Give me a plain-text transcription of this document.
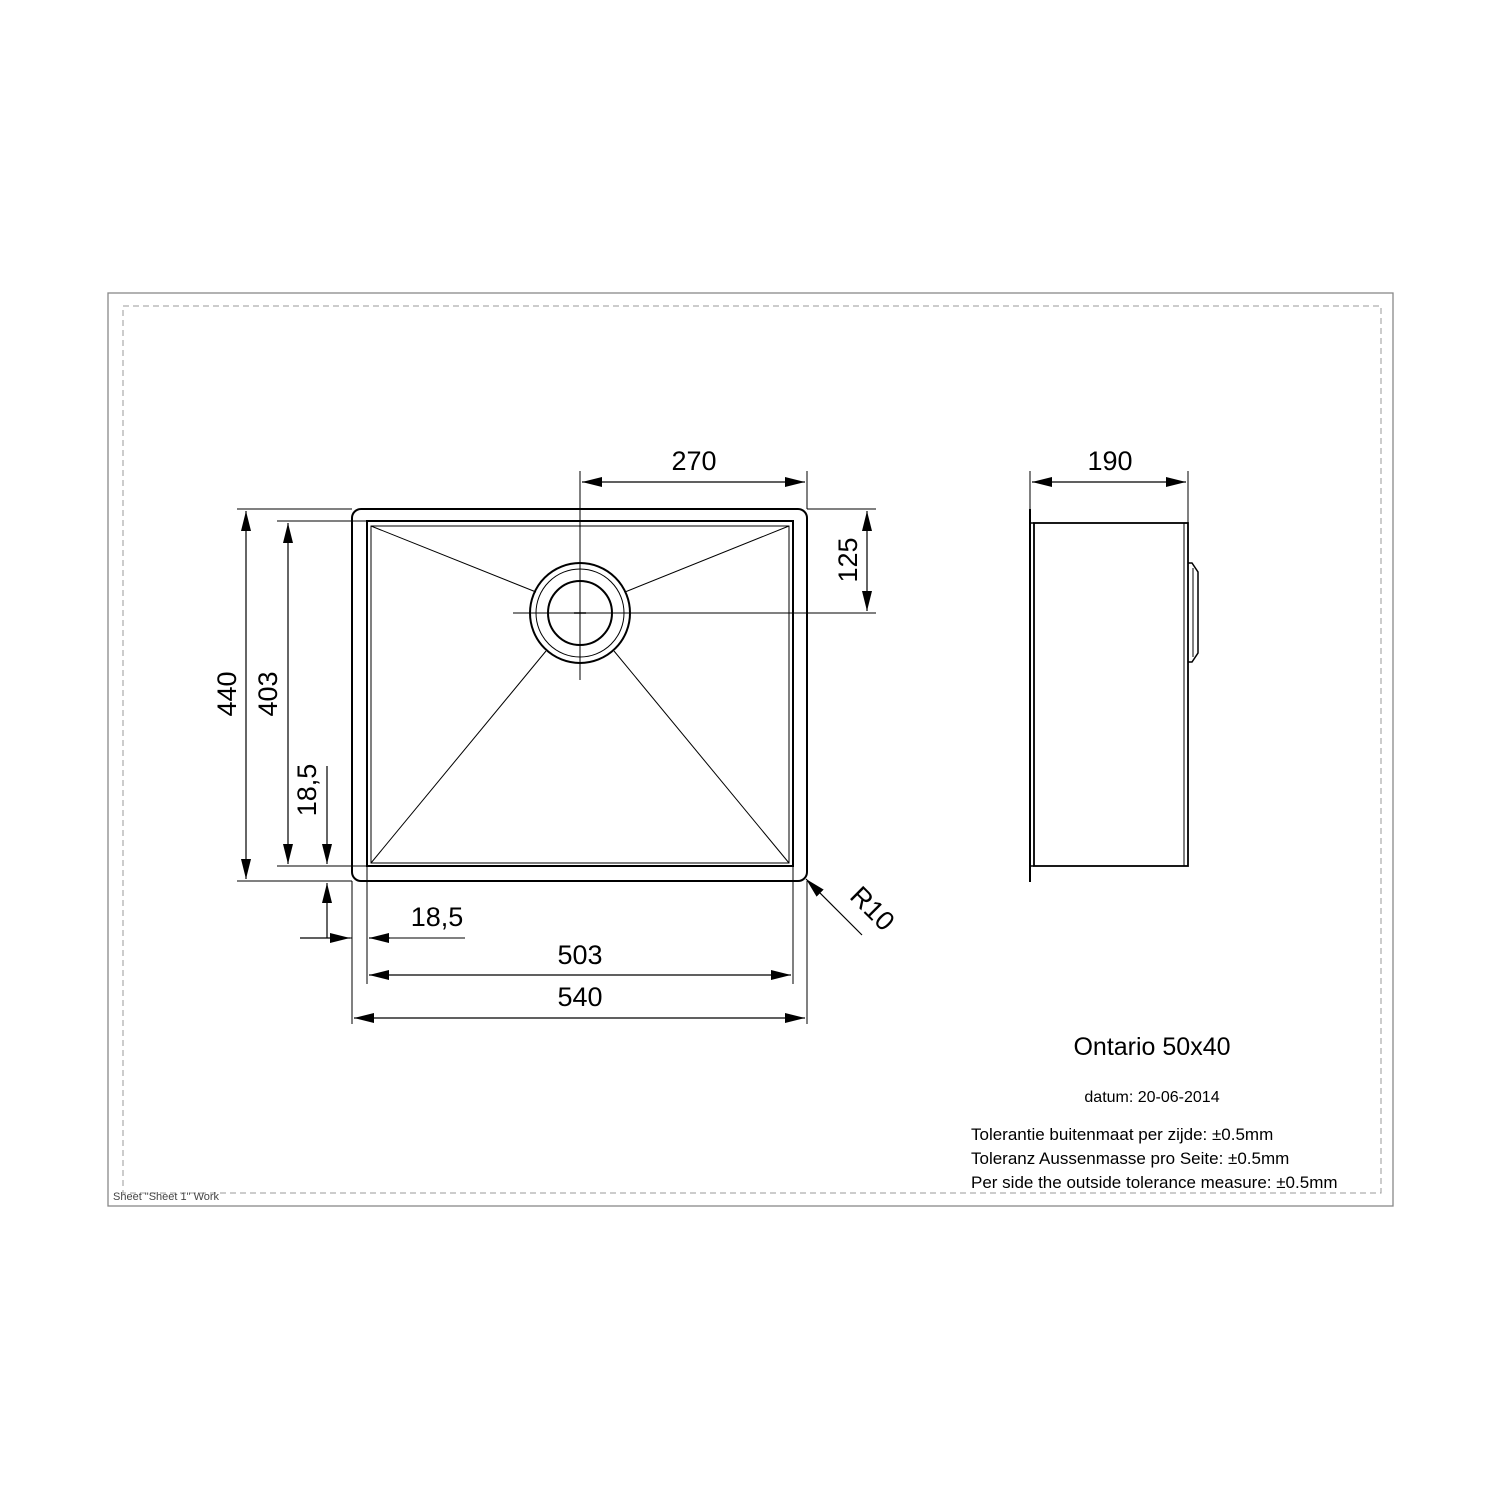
Sheet "Sheet 1" Work
270
125
440 403
18,5
18,5
503
540
R10
190
Ontario 50x40
datum: 20-06-2014
Tolerantie buitenmaat per zijde: ±0.5mm
Toleranz Aussenmasse pro Seite: ±0.5mm
Per side the outside tolerance measure: ±0.5mm
